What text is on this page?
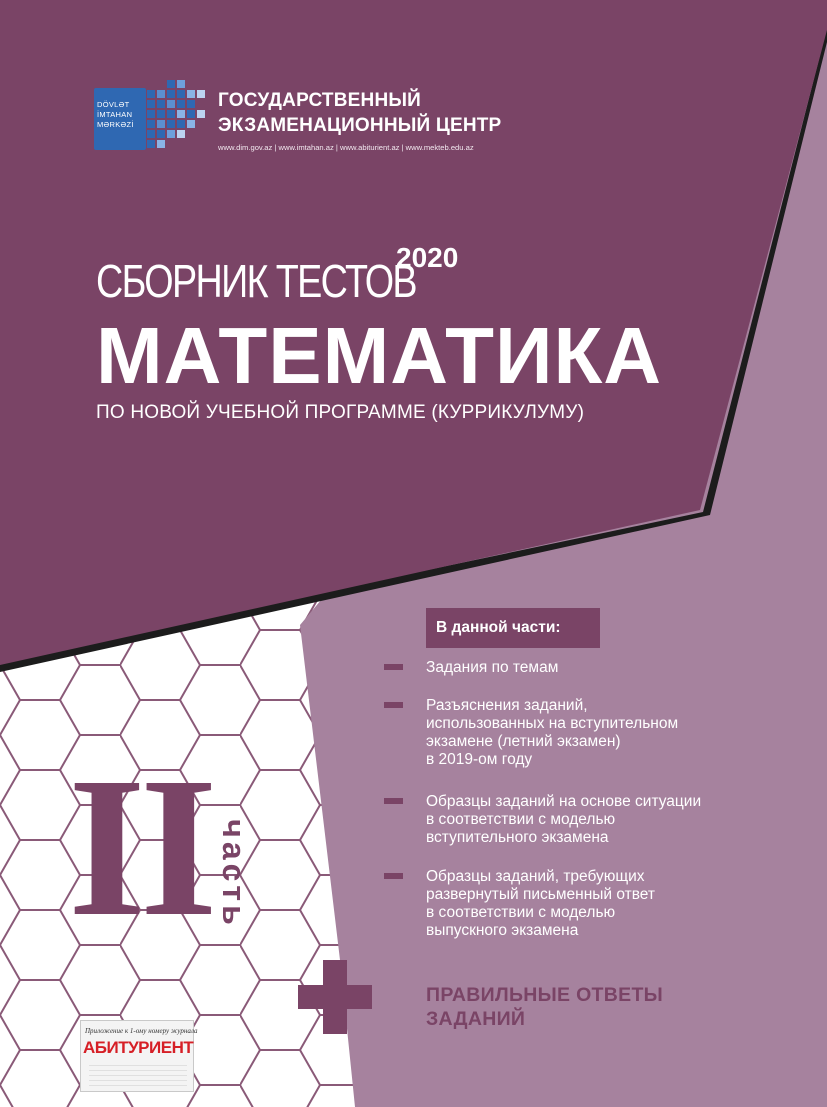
DÖVLƏT
İMTAHAN
MƏRKƏZİ
ГОСУДАРСТВЕННЫЙ
ЭКЗАМЕНАЦИОННЫЙ ЦЕНТР
www.dim.gov.az | www.imtahan.az | www.abiturient.az | www.mekteb.edu.az
СБОРНИК ТЕСТОВ
2020
МАТЕМАТИКА
ПО НОВОЙ УЧЕБНОЙ ПРОГРАММЕ (КУРРИКУЛУМУ)
В данной части:
Задания по темам
Разъяснения заданий,
использованных на вступительном
экзамене (летний экзамен)
в 2019-ом году
Образцы заданий на основе ситуации
в соответствии с моделью
вступительного экзамена
Образцы заданий, требующих
развернутый письменный ответ
в соответствии с моделью
выпускного экзамена
II часть
ПРАВИЛЬНЫЕ ОТВЕТЫ
ЗАДАНИЙ
Приложение к 1-ому номеру журнала
АБИТУРИЕНТ
